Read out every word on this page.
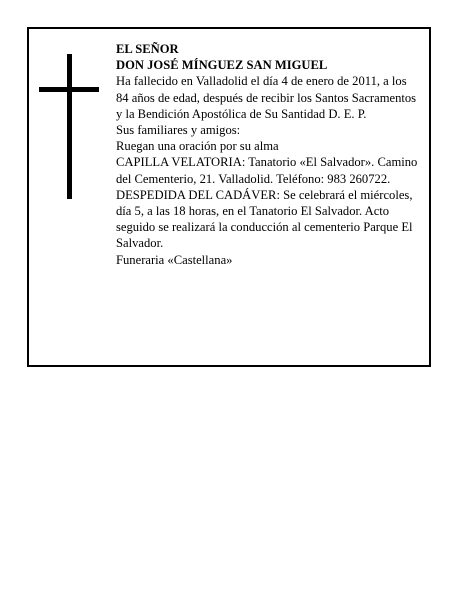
EL SEÑOR

DON JOSÉ MÍNGUEZ SAN MIGUEL

Ha fallecido en Valladolid el día 4 de enero de 2011, a los 84 años de edad, después de recibir los Santos Sacramentos y la Bendición Apostólica de Su Santidad D. E. P.

Sus familiares y amigos:

Ruegan una oración por su alma

CAPILLA VELATORIA: Tanatorio «El Salvador». Camino del Cementerio, 21. Valladolid. Teléfono: 983 260722.

DESPEDIDA DEL CADÁVER: Se celebrará el miércoles, día 5, a las 18 horas, en el Tanatorio El Salvador. Acto seguido se realizará la conducción al cementerio Parque El Salvador.

Funeraria «Castellana»
